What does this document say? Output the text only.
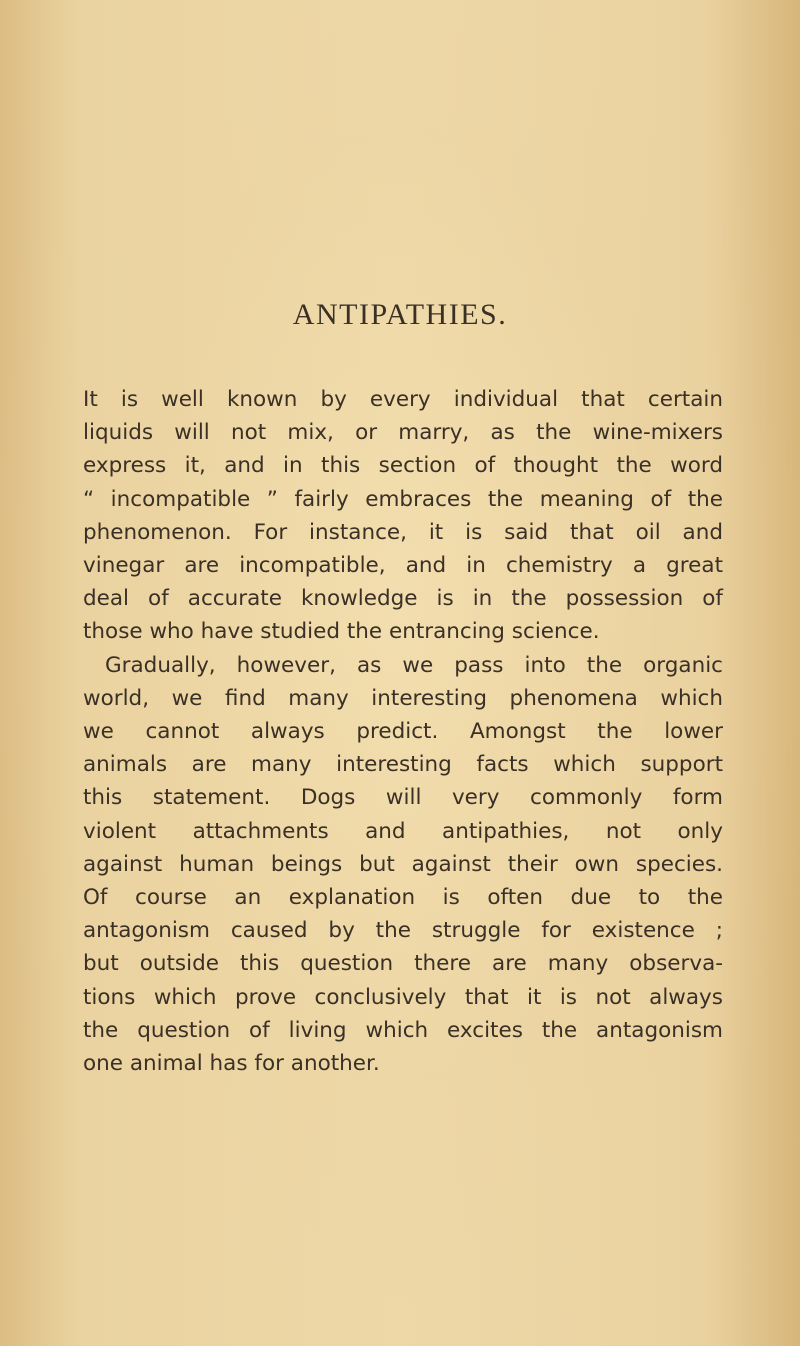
ANTIPATHIES.
It is well known by every individual that certain
liquids will not mix, or marry, as the wine-mixers
express it, and in this section of thought the word
“ incompatible ” fairly embraces the meaning of the
phenomenon. For instance, it is said that oil and
vinegar are incompatible, and in chemistry a great
deal of accurate knowledge is in the possession of
those who have studied the entrancing science.
Gradually, however, as we pass into the organic
world, we find many interesting phenomena which
we cannot always predict. Amongst the lower
animals are many interesting facts which support
this statement. Dogs will very commonly form
violent attachments and antipathies, not only
against human beings but against their own species.
Of course an explanation is often due to the
antagonism caused by the struggle for existence ;
but outside this question there are many observa-
tions which prove conclusively that it is not always
the question of living which excites the antagonism
one animal has for another.
